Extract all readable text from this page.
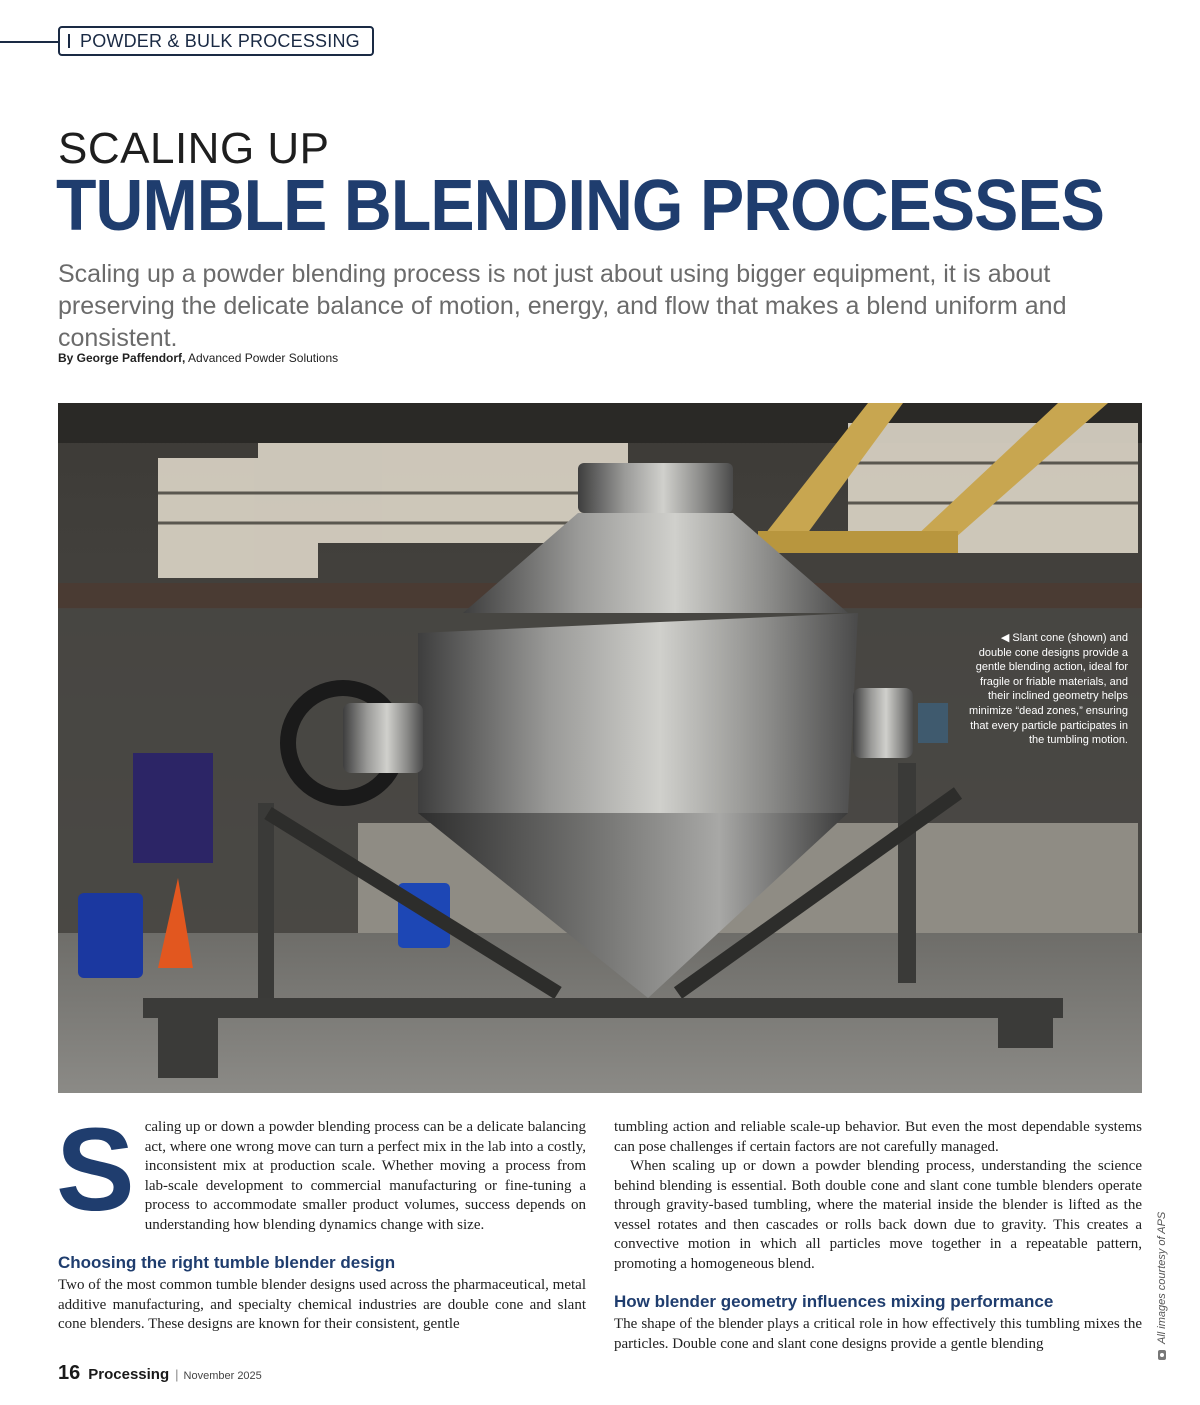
POWDER & BULK PROCESSING
SCALING UP
TUMBLE BLENDING PROCESSES
Scaling up a powder blending process is not just about using bigger equipment, it is about preserving the delicate balance of motion, energy, and flow that makes a blend uniform and consistent.
By George Paffendorf, Advanced Powder Solutions
◀ Slant cone (shown) and double cone designs provide a gentle blending action, ideal for fragile or friable materials, and their inclined geometry helps minimize “dead zones,” ensuring that every particle participates in the tumbling motion.

Scaling up or down a powder blending process can be a delicate balancing act, where one wrong move can turn a perfect mix in the lab into a costly, inconsistent mix at production scale. Whether moving a process from lab-scale development to commercial manufacturing or fine-tuning a process to accommodate smaller product volumes, success depends on understanding how blending dynamics change with size.

Choosing the right tumble blender design

Two of the most common tumble blender designs used across the pharmaceutical, metal additive manufacturing, and specialty chemical industries are double cone and slant cone blenders. These designs are known for their consistent, gentle

tumbling action and reliable scale-up behavior. But even the most dependable systems can pose challenges if certain factors are not carefully managed.

When scaling up or down a powder blending process, understanding the science behind blending is essential. Both double cone and slant cone tumble blenders operate through gravity-based tumbling, where the material inside the blender is lifted as the vessel rotates and then cascades or rolls back down due to gravity. This creates a convective motion in which all particles move together in a repeatable pattern, promoting a homogeneous blend.

How blender geometry influences mixing performance

The shape of the blender plays a critical role in how effectively this tumbling mixes the particles. Double cone and slant cone designs provide a gentle blending	All images courtesy of APS
16 Processing | November 2025
